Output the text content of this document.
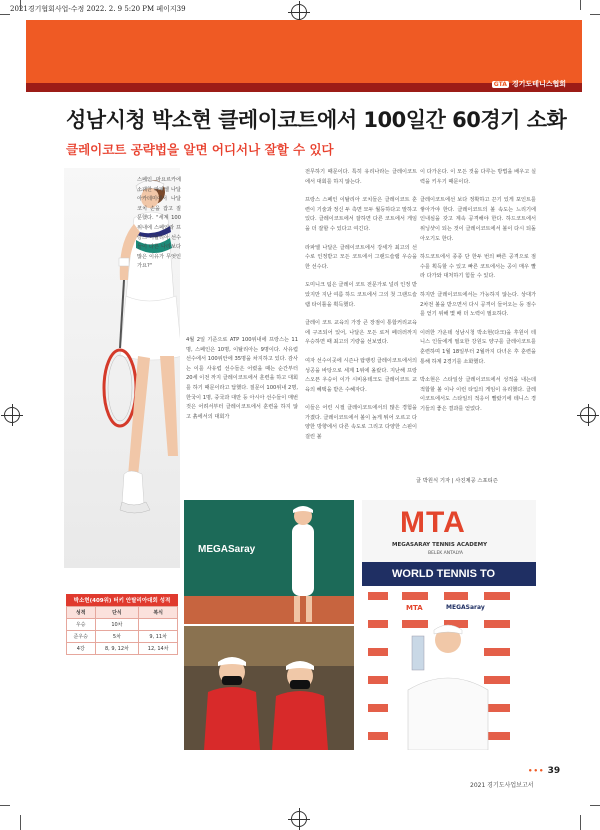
2021경기협회사업-수정 2022. 2. 9 5:20 PM 페이지39
GTA 경기도테니스협회
성남시청 박소현 클레이코트에서 100일간 60경기 소화
클레이코트 공략법을 알면 어디서나 잘할 수 있다
스페인 마요르카에 소재한 라파엘 나달 아카데미에서 나달 코치 손을 잡고 질문했다. "세계 100위내에 스페인과 프랑스 이탈리아 선수들이 다른 나라보다 많은 이유가 무엇인가요?"
4월 2일 기준으로 ATP 100위내에 프랑스는 11명, 스페인은 10명, 이탈리아는 9명이다. 사유럽 선수에서 100위안에 35명을 차지하고 있다. 감사는 이를 사유럽 선수들은 어렸을 때는 순간부터 20세 이전 까지 클레이코트에서 훈련을 하고 대회를 하기 때문이라고 답했다. 질문이 100위내 2명, 한국이 1명, 중국과 대만 등 아시아 선수들이 매번 것은 어려서부터 클레이코트에서 훈련을 하지 않고 흙에서의 대회가

전무하기 때문이다. 특히 유리나라는 클레이코트에서 대회를 하지 않는다.

프랑스 스페인 이탈리아 코치들은 클레이코트 훈련이 기술과 정신 두 측면 모두 월등하다고 말하고 있다. 클레이코트에서 잘하면 다른 코트에서 게임을 더 잘할 수 있다고 여긴다.

라파엘 나달은 클레이코트에서 강세가 최고의 선수로 인정받고 모든 코트에서 그랜드슬램 우승을 한 선수다.

도미니크 팀은 클레이 코트 전문가로 널리 인정 받았지만 지난 여름 하드 코트에서 그의 첫 그랜드슬램 타이틀을 획득했다.

클레이 코트 교육의 가장 큰 장점이 통합커리교육에 구조되어 있어, 나달은 모든 로저 페더러까지 우승하면 때 최고의 기량을 선보였다.

여자 선수이곳에 시즌나 탑랭킹 클레이코트에서의 성공을 바탕으로 세계 1위에 올랐다. 지난해 프랑스오픈 우승이 이가 시비용테크도 클레이코트 교육의 혜택을 받은 수혜자다.

이들은 어린 시절 클레이코트에서의 많은 경험을 가졌다. 클레이코트에서 볼이 높게 튀어 오르고 다양한 방향에서 다른 속도로 그리고 다양한 스핀이 걸린 볼

이 다가온다. 이 모든 것을 다루는 방법을 배우고 실력을 키우기 때문이다.

클레이코트에선 보다 정확하고 끈기 있게 포인트를 쌓아가야 한다. 클레이코트의 볼 속도는 느리기에 인내심을 갖고 계속 공격해야 한다. 하드코트에서 위닝샷이 되는 것이 클레이코트에서 볼이 다시 되돌아오기도 한다.

하드코트에서 종종 단 한두 번의 빠른 공격으로 점수를 획득할 수 있고 빠른 코트에서는 공이 매우 빨라 다가와 대처하기 힘들 수 있다.

하지만 클레이코트에서는 가능하지 않는다. 상대가 2차전 볼을 받으면서 다시 공격이 들어오는 등 점수를 얻기 위해 몇 배 더 노력이 필요하다.

이러한 가운데 성남시청 박소현(다크)을 후원이 테니스 인들에게 필요한 강원도 양구를 클레이코트를 훈련하며 1월 18일부터 2월까지 다녀온 후 훈련을 통해 하계 2경기를 소화했다.

박소현은 스타일상 클레이코트에서 성적을 내는데 적합할 볼 이나 이런 타입의 게임이 유리했다. 클레이코트에서도 스타일의 적응이 빨랐기에 테니스 경기들의 좋은 결과를 얻었다.

글 박원식 기자 | 사진제공 스포티즌
박소현(409위) 터키 안탈리아대회 성적
성적	단식	복식
우승	10차	
준우승	5차	9, 11차
4강	8, 9, 12차	12, 14차
MEGASaray
MTA
MEGASARAY TENNIS ACADEMY
BELEK ANTALYA
WORLD TENNIS TO
MTA	MEGASaray
••• 39
2021 경기도사업보고서
